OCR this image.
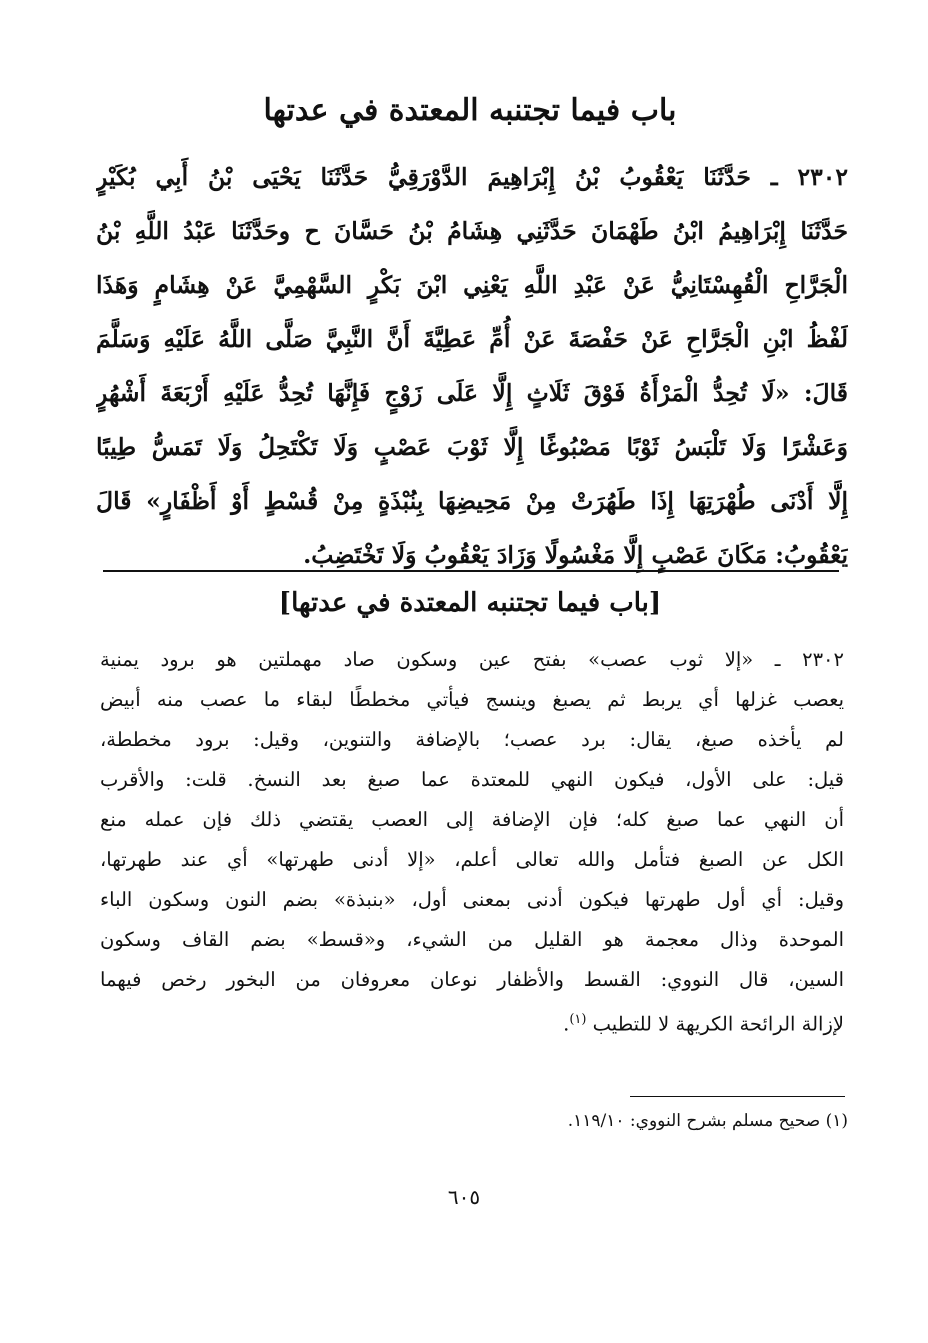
باب فيما تجتنبه المعتدة في عدتها
٢٣٠٢ ـ حَدَّثَنَا يَعْقُوبُ بْنُ إِبْرَاهِيمَ الدَّوْرَقِيُّ حَدَّثَنَا يَحْيَى بْنُ أَبِي بُكَيْرٍ
حَدَّثَنَا إِبْرَاهِيمُ ابْنُ طَهْمَانَ حَدَّثَنِي هِشَامُ بْنُ حَسَّانَ ح وحَدَّثَنَا عَبْدُ اللَّهِ بْنُ
الْجَرَّاحِ الْقُهِسْتَانِيُّ عَنْ عَبْدِ اللَّهِ يَعْنِي ابْنَ بَكْرٍ السَّهْمِيَّ عَنْ هِشَامٍ وَهَذَا
لَفْظُ ابْنِ الْجَرَّاحِ عَنْ حَفْصَةَ عَنْ أُمِّ عَطِيَّةَ أَنَّ النَّبِيَّ صَلَّى اللَّهُ عَلَيْهِ وَسَلَّمَ
قَالَ: «لَا تُحِدُّ الْمَرْأَةُ فَوْقَ ثَلَاثٍ إِلَّا عَلَى زَوْجٍ فَإِنَّهَا تُحِدُّ عَلَيْهِ أَرْبَعَةَ أَشْهُرٍ
وَعَشْرًا وَلَا تَلْبَسُ ثَوْبًا مَصْبُوغًا إِلَّا ثَوْبَ عَصْبٍ وَلَا تَكْتَحِلُ وَلَا تَمَسُّ طِيبًا
إِلَّا أَدْنَى طُهْرَتِهَا إِذَا طَهُرَتْ مِنْ مَحِيضِهَا بِنُبْذَةٍ مِنْ قُسْطٍ أَوْ أَظْفَارٍ» قَالَ
يَعْقُوبُ: مَكَانَ عَصْبٍ إِلَّا مَغْسُولًا وَزَادَ يَعْقُوبُ وَلَا تَخْتَضِبُ.
[باب فيما تجتنبه المعتدة في عدتها]
٢٣٠٢ ـ «إلا ثوب عصب» بفتح عين وسكون صاد مهملتين هو برود يمنية
يعصب غزلها أي يربط ثم يصبغ وينسج فيأتي مخططًا لبقاء ما عصب منه أبيض
لم يأخذه صبغ، يقال: برد عصب؛ بالإضافة والتنوين، وقيل: برود مخططة،
قيل: على الأول، فيكون النهي للمعتدة عما صبغ بعد النسخ. قلت: والأقرب
أن النهي عما صبغ كله؛ فإن الإضافة إلى العصب يقتضي ذلك فإن عمله منع
الكل عن الصبغ فتأمل والله تعالى أعلم، «إلا أدنى طهرتها» أي عند طهرتها،
وقيل: أي أول طهرتها فيكون أدنى بمعنى أول، «بنبذة» بضم النون وسكون الباء
الموحدة وذال معجمة هو القليل من الشيء، و«قسط» بضم القاف وسكون
السين، قال النووي: القسط والأظفار نوعان معروفان من البخور رخص فيهما
لإزالة الرائحة الكريهة لا للتطيب $^{(١)}$.
(١) صحيح مسلم بشرح النووي: ١١٩/١٠.
٦٠٥
